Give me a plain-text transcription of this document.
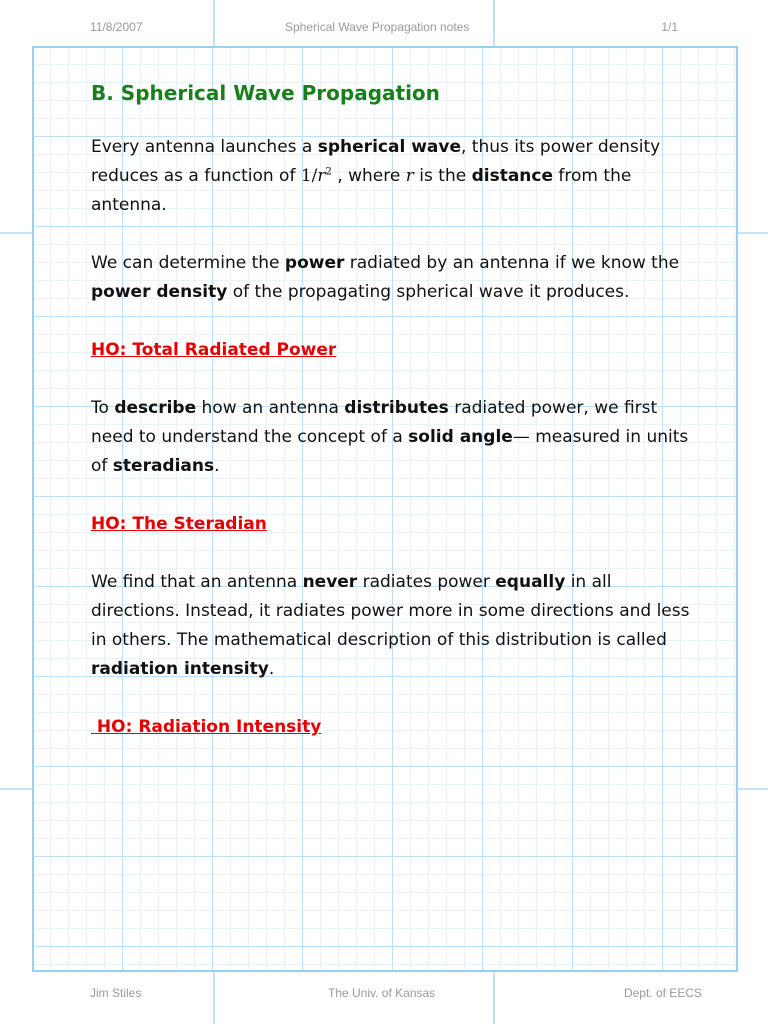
11/8/2007	Spherical Wave Propagation notes	1/1
B. Spherical Wave Propagation

Every antenna launches a spherical wave, thus its power density reduces as a function of $1/r^2$ , where r is the distance from the antenna.

We can determine the power radiated by an antenna if we know the power density of the propagating spherical wave it produces.

HO: Total Radiated Power

To describe how an antenna distributes radiated power, we first need to understand the concept of a solid angle— measured in units of steradians.

HO: The Steradian

We find that an antenna never radiates power equally in all directions. Instead, it radiates power more in some directions and less in others. The mathematical description of this distribution is called radiation intensity.

HO: Radiation Intensity
Jim Stiles	The Univ. of Kansas	Dept. of EECS
